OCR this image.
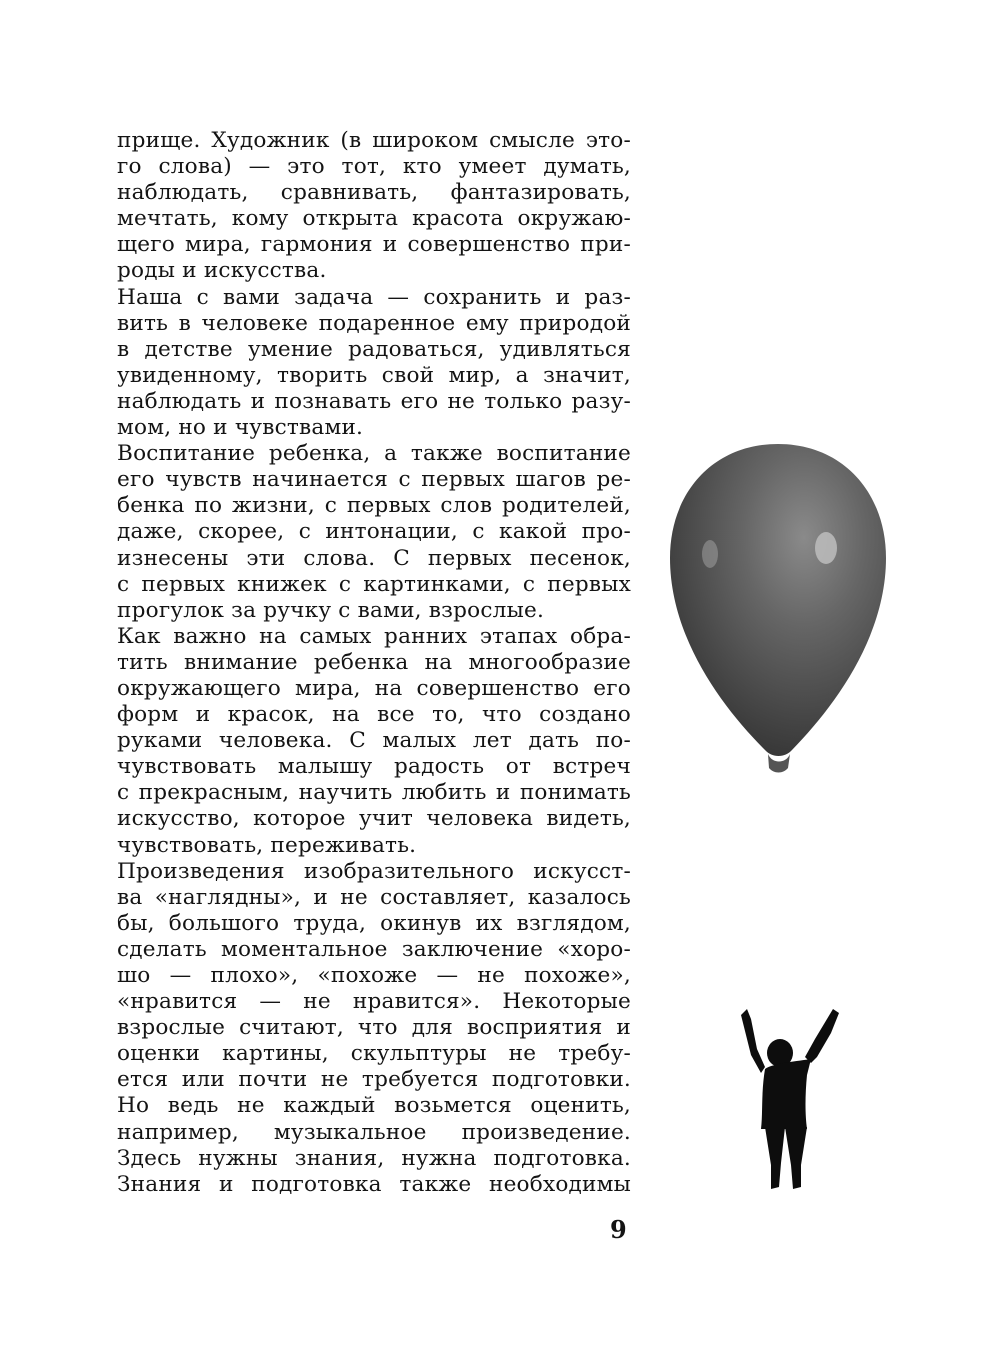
прище. Художник (в широком смысле это-
го слова) — это тот, кто умеет думать,
наблюдать, сравнивать, фантазировать,
мечтать, кому открыта красота окружаю-
щего мира, гармония и совершенство при-
роды и искусства.
Наша с вами задача — сохранить и раз-
вить в человеке подаренное ему природой
в детстве умение радоваться, удивляться
увиденному, творить свой мир, а значит,
наблюдать и познавать его не только разу-
мом, но и чувствами.
Воспитание ребенка, а также воспитание
его чувств начинается с первых шагов ре-
бенка по жизни, с первых слов родителей,
даже, скорее, с интонации, с какой про-
изнесены эти слова. С первых песенок,
с первых книжек с картинками, с первых
прогулок за ручку с вами, взрослые.
Как важно на самых ранних этапах обра-
тить внимание ребенка на многообразие
окружающего мира, на совершенство его
форм и красок, на все то, что создано
руками человека. С малых лет дать по-
чувствовать малышу радость от встреч
с прекрасным, научить любить и понимать
искусство, которое учит человека видеть,
чувствовать, переживать.
Произведения изобразительного искусст-
ва «наглядны», и не составляет, казалось
бы, большого труда, окинув их взглядом,
сделать моментальное заключение «хоро-
шо — плохо», «похоже — не похоже»,
«нравится — не нравится». Некоторые
взрослые считают, что для восприятия и
оценки картины, скульптуры не требу-
ется или почти не требуется подготовки.
Но ведь не каждый возьмется оценить,
например, музыкальное произведение.
Здесь нужны знания, нужна подготовка.
Знания и подготовка также необходимы
9
